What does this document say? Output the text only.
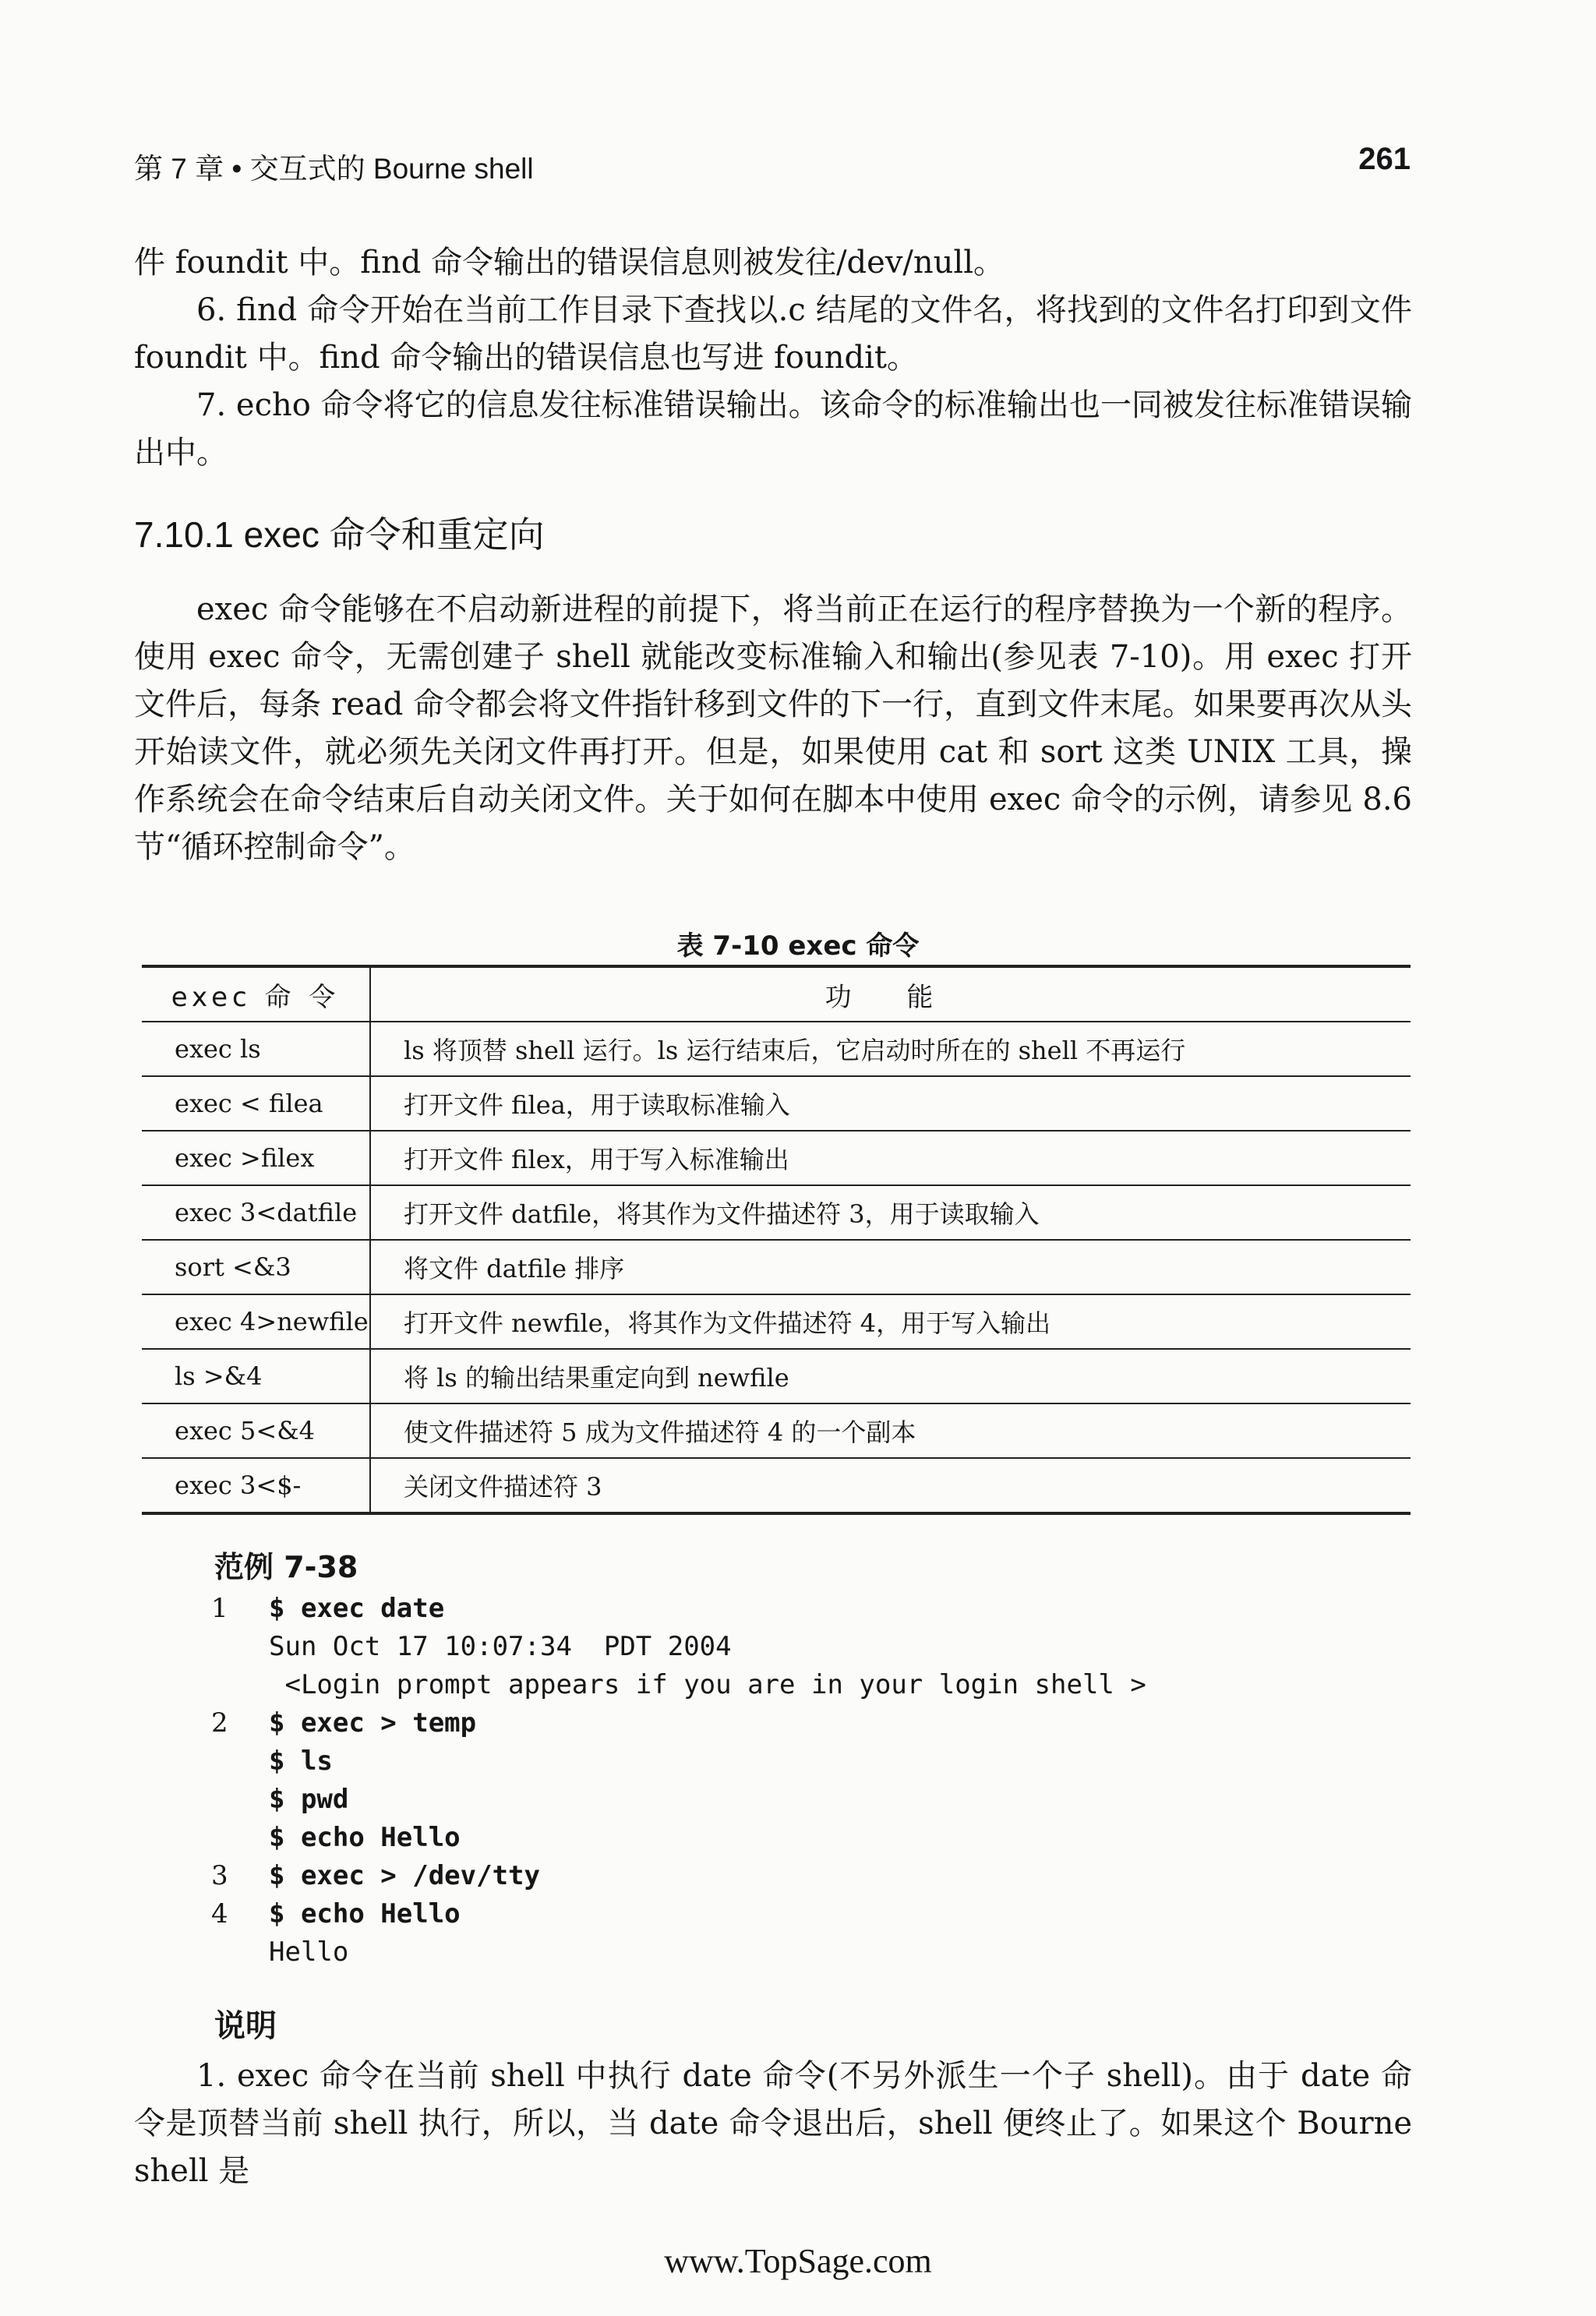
第 7 章 • 交互式的 Bourne shell	261

件 foundit 中。find 命令输出的错误信息则被发往/dev/null。

6. find 命令开始在当前工作目录下查找以.c 结尾的文件名，将找到的文件名打印到文件 foundit 中。find 命令输出的错误信息也写进 foundit。

7. echo 命令将它的信息发往标准错误输出。该命令的标准输出也一同被发往标准错误输出中。

7.10.1 exec 命令和重定向

exec 命令能够在不启动新进程的前提下，将当前正在运行的程序替换为一个新的程序。使用 exec 命令，无需创建子 shell 就能改变标准输入和输出(参见表 7-10)。用 exec 打开文件后，每条 read 命令都会将文件指针移到文件的下一行，直到文件末尾。如果要再次从头开始读文件，就必须先关闭文件再打开。但是，如果使用 cat 和 sort 这类 UNIX 工具，操作系统会在命令结束后自动关闭文件。关于如何在脚本中使用 exec 命令的示例，请参见 8.6 节“循环控制命令”。

表 7-10 exec 命令
exec 命 令	功 能
exec ls	ls 将顶替 shell 运行。ls 运行结束后，它启动时所在的 shell 不再运行
exec < filea	打开文件 filea，用于读取标准输入
exec >filex	打开文件 filex，用于写入标准输出
exec 3<datfile	打开文件 datfile，将其作为文件描述符 3，用于读取输入
sort <&3	将文件 datfile 排序
exec 4>newfile	打开文件 newfile，将其作为文件描述符 4，用于写入输出
ls >&4	将 ls 的输出结果重定向到 newfile
exec 5<&4	使文件描述符 5 成为文件描述符 4 的一个副本
exec 3<$-	关闭文件描述符 3
范例 7-38
1 $ exec date
Sun Oct 17 10:07:34  PDT 2004
<Login prompt appears if you are in your login shell >
2 $ exec > temp
$ ls
$ pwd
$ echo Hello
3 $ exec > /dev/tty
4 $ echo Hello
Hello
说明

1. exec 命令在当前 shell 中执行 date 命令(不另外派生一个子 shell)。由于 date 命令是顶替当前 shell 执行，所以，当 date 命令退出后，shell 便终止了。如果这个 Bourne shell 是

www.TopSage.com
